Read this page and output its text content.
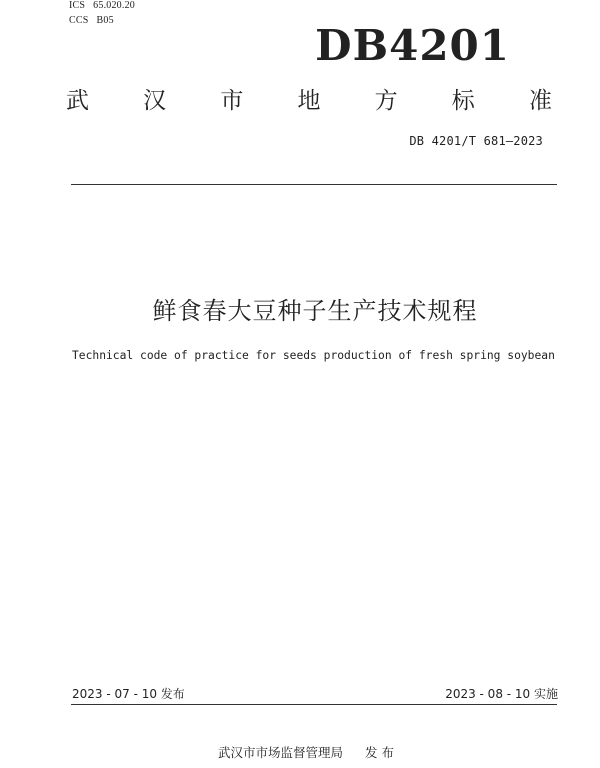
ICS 65.020.20
CCS B05
DB4201
武 汉 市 地 方 标 准
DB 4201/T 681—2023
鲜食春大豆种子生产技术规程
Technical code of practice for seeds production of fresh spring soybean
2023 - 07 - 10 发布	2023 - 08 - 10 实施
武汉市市场监督管理局 发 布
